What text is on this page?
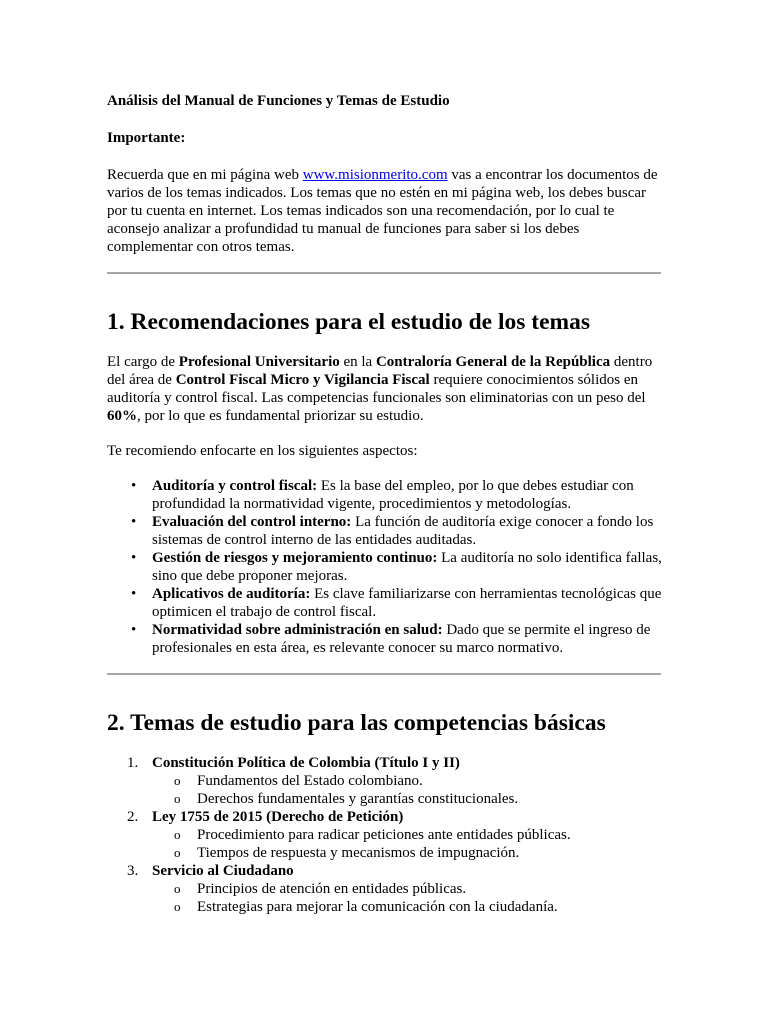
Análisis del Manual de Funciones y Temas de Estudio

Importante:

Recuerda que en mi página web www.misionmerito.com vas a encontrar los documentos de varios de los temas indicados. Los temas que no estén en mi página web, los debes buscar por tu cuenta en internet. Los temas indicados son una recomendación, por lo cual te aconsejo analizar a profundidad tu manual de funciones para saber si los debes complementar con otros temas.

1. Recomendaciones para el estudio de los temas

El cargo de Profesional Universitario en la Contraloría General de la República dentro del área de Control Fiscal Micro y Vigilancia Fiscal requiere conocimientos sólidos en auditoría y control fiscal. Las competencias funcionales son eliminatorias con un peso del 60%, por lo que es fundamental priorizar su estudio.

Te recomiendo enfocarte en los siguientes aspectos:

• Auditoría y control fiscal: Es la base del empleo, por lo que debes estudiar con profundidad la normatividad vigente, procedimientos y metodologías.
• Evaluación del control interno: La función de auditoría exige conocer a fondo los sistemas de control interno de las entidades auditadas.
• Gestión de riesgos y mejoramiento continuo: La auditoría no solo identifica fallas, sino que debe proponer mejoras.
• Aplicativos de auditoría: Es clave familiarizarse con herramientas tecnológicas que optimicen el trabajo de control fiscal.
• Normatividad sobre administración en salud: Dado que se permite el ingreso de profesionales en esta área, es relevante conocer su marco normativo.
2. Temas de estudio para las competencias básicas
1. Constitución Política de Colombia (Título I y II)
o Fundamentos del Estado colombiano.
o Derechos fundamentales y garantías constitucionales.
2. Ley 1755 de 2015 (Derecho de Petición)
o Procedimiento para radicar peticiones ante entidades públicas.
o Tiempos de respuesta y mecanismos de impugnación.
3. Servicio al Ciudadano
o Principios de atención en entidades públicas.
o Estrategias para mejorar la comunicación con la ciudadanía.
